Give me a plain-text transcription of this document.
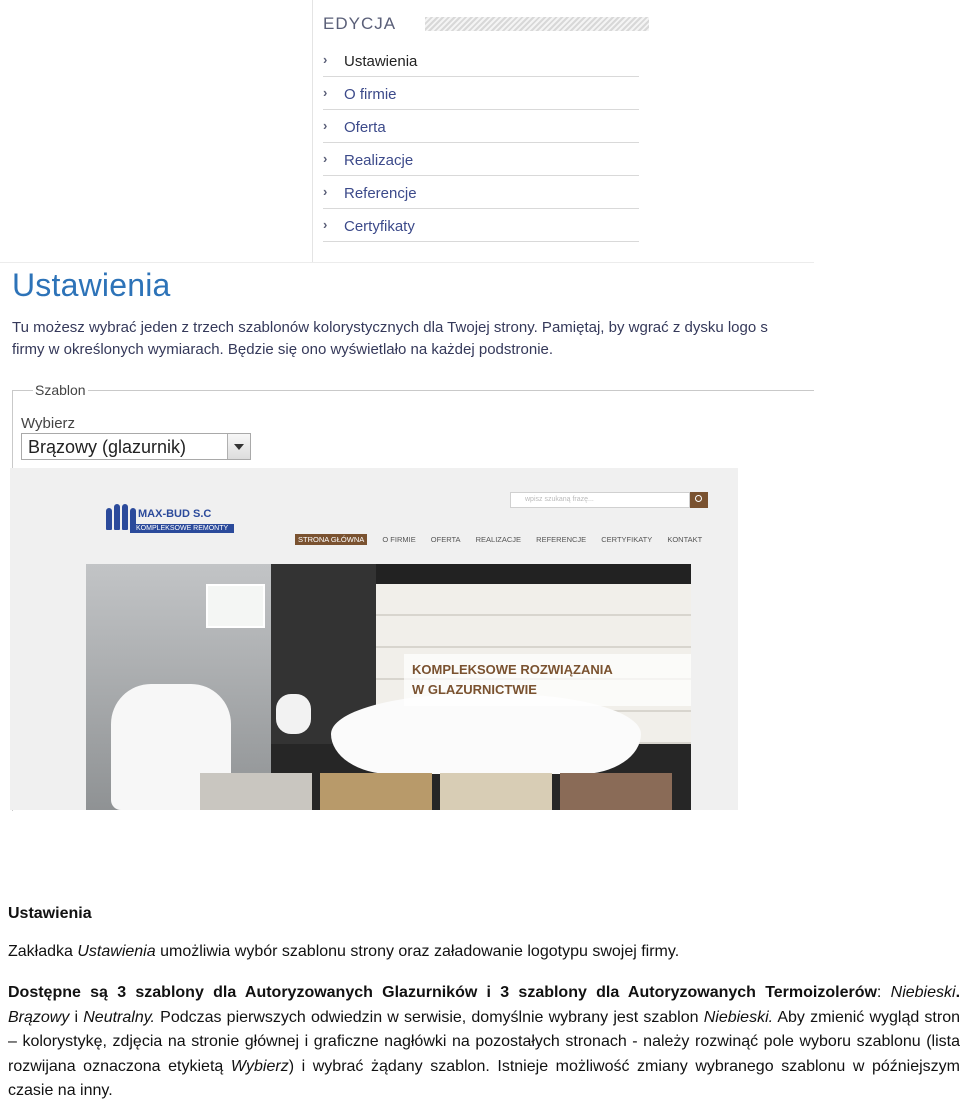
EDYCJA
›	Ustawienia
›	O firmie
›	Oferta
›	Realizacje
›	Referencje
›	Certyfikaty
Ustawienia
Tu możesz wybrać jeden z trzech szablonów kolorystycznych dla Twojej strony. Pamiętaj, by wgrać z dysku logo s
firmy w określonych wymiarach. Będzie się ono wyświetlało na każdej podstronie.
Szablon
Wybierz
Brązowy (glazurnik)
MAX-BUD S.C
KOMPLEKSOWE REMONTY
wpisz szukaną frazę...
STRONA GŁÓWNA O FIRMIE OFERTA REALIZACJE REFERENCJE CERTYFIKATY KONTAKT
KOMPLEKSOWE ROZWIĄZANIA
W GLAZURNICTWIE
Ustawienia
Zakładka Ustawienia umożliwia wybór szablonu strony oraz załadowanie logotypu swojej firmy.
Dostępne są 3 szablony dla Autoryzowanych Glazurników i 3 szablony dla Autoryzowanych Termoizolerów: Niebieski. Brązowy i Neutralny. Podczas pierwszych odwiedzin w serwisie, domyślnie wybrany jest szablon Niebieski. Aby zmienić wygląd stron – kolorystykę, zdjęcia na stronie głównej i graficzne nagłówki na pozostałych stronach - należy rozwinąć pole wyboru szablonu (lista rozwijana oznaczona etykietą Wybierz) i wybrać żądany szablon. Istnieje możliwość zmiany wybranego szablonu w późniejszym czasie na inny.
